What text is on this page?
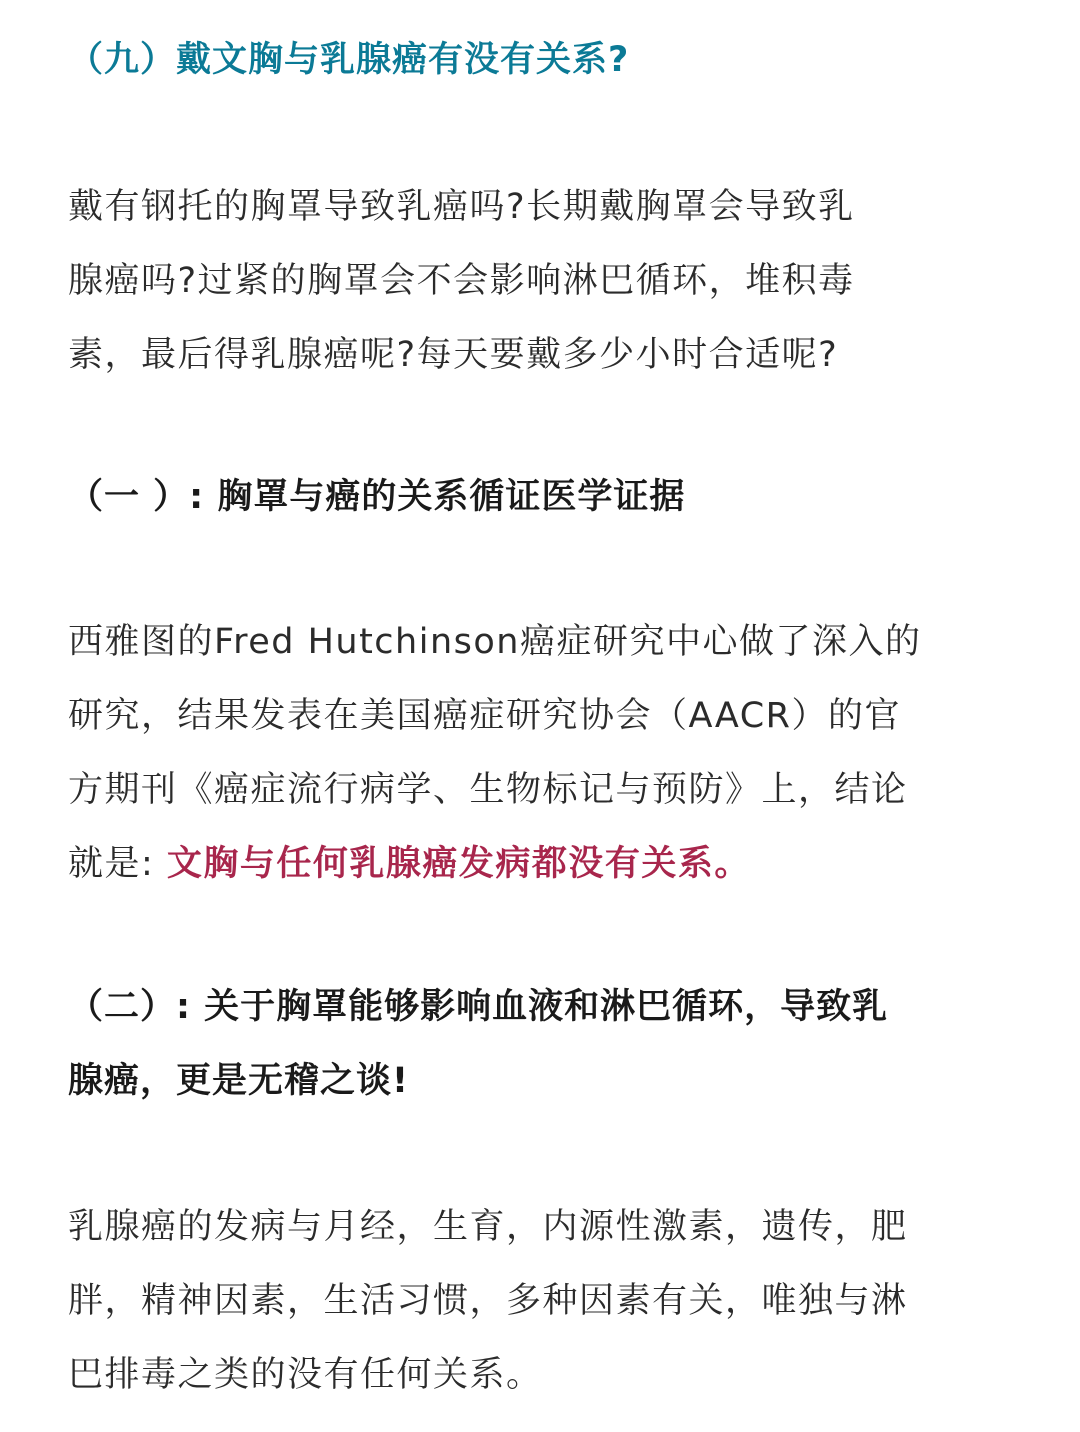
（九）戴文胸与乳腺癌有没有关系?

戴有钢托的胸罩导致乳癌吗?长期戴胸罩会导致乳
腺癌吗?过紧的胸罩会不会影响淋巴循环，堆积毒
素，最后得乳腺癌呢?每天要戴多少小时合适呢?

（一 ）: 胸罩与癌的关系循证医学证据

西雅图的Fred Hutchinson癌症研究中心做了深入的
研究，结果发表在美国癌症研究协会（AACR）的官
方期刊《癌症流行病学、生物标记与预防》上，结论
就是: 文胸与任何乳腺癌发病都没有关系。

（二）: 关于胸罩能够影响血液和淋巴循环，导致乳
腺癌，更是无稽之谈!

乳腺癌的发病与月经，生育，内源性激素，遗传，肥
胖，精神因素，生活习惯，多种因素有关，唯独与淋
巴排毒之类的没有任何关系。
